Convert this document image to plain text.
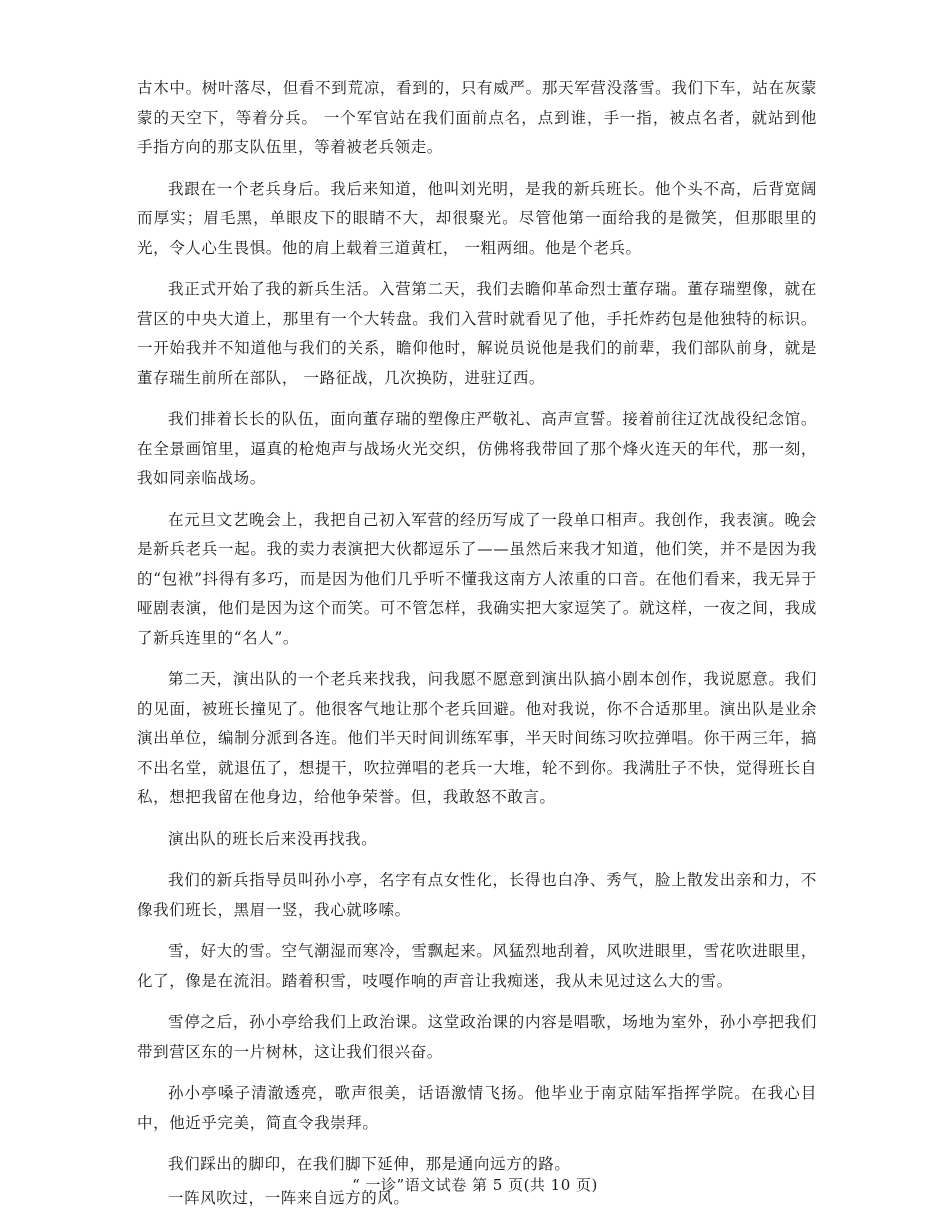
古木中。树叶落尽，但看不到荒凉，看到的，只有威严。那天军营没落雪。我们下车，站在灰蒙蒙的天空下，等着分兵。 一个军官站在我们面前点名，点到谁，手一指，被点名者，就站到他手指方向的那支队伍里，等着被老兵领走。

我跟在一个老兵身后。我后来知道，他叫刘光明，是我的新兵班长。他个头不高，后背宽阔而厚实；眉毛黑，单眼皮下的眼睛不大，却很聚光。尽管他第一面给我的是微笑，但那眼里的光，令人心生畏惧。他的肩上载着三道黄杠， 一粗两细。他是个老兵。

我正式开始了我的新兵生活。入营第二天，我们去瞻仰革命烈士董存瑞。董存瑞塑像，就在营区的中央大道上，那里有一个大转盘。我们入营时就看见了他，手托炸药包是他独特的标识。一开始我并不知道他与我们的关系，瞻仰他时，解说员说他是我们的前辈，我们部队前身，就是董存瑞生前所在部队， 一路征战，几次换防，进驻辽西。

我们排着长长的队伍，面向董存瑞的塑像庄严敬礼、高声宣誓。接着前往辽沈战役纪念馆。在全景画馆里，逼真的枪炮声与战场火光交织，仿佛将我带回了那个烽火连天的年代，那一刻，我如同亲临战场。

在元旦文艺晚会上，我把自己初入军营的经历写成了一段单口相声。我创作，我表演。晚会是新兵老兵一起。我的卖力表演把大伙都逗乐了——虽然后来我才知道，他们笑，并不是因为我的“包袱”抖得有多巧，而是因为他们几乎听不懂我这南方人浓重的口音。在他们看来，我无异于哑剧表演，他们是因为这个而笑。可不管怎样，我确实把大家逗笑了。就这样，一夜之间，我成了新兵连里的“名人”。

第二天，演出队的一个老兵来找我，问我愿不愿意到演出队搞小剧本创作，我说愿意。我们的见面，被班长撞见了。他很客气地让那个老兵回避。他对我说，你不合适那里。演出队是业余演出单位，编制分派到各连。他们半天时间训练军事，半天时间练习吹拉弹唱。你干两三年，搞不出名堂，就退伍了，想提干，吹拉弹唱的老兵一大堆，轮不到你。我满肚子不快，觉得班长自私，想把我留在他身边，给他争荣誉。但，我敢怒不敢言。

演出队的班长后来没再找我。

我们的新兵指导员叫孙小亭，名字有点女性化，长得也白净、秀气，脸上散发出亲和力，不像我们班长，黑眉一竖，我心就哆嗦。

雪，好大的雪。空气潮湿而寒冷，雪飘起来。风猛烈地刮着，风吹进眼里，雪花吹进眼里，化了，像是在流泪。踏着积雪，吱嘎作响的声音让我痴迷，我从未见过这么大的雪。

雪停之后，孙小亭给我们上政治课。这堂政治课的内容是唱歌，场地为室外，孙小亭把我们带到营区东的一片树林，这让我们很兴奋。

孙小亭嗓子清澈透亮，歌声很美，话语激情飞扬。他毕业于南京陆军指挥学院。在我心目中，他近乎完美，简直令我崇拜。

我们踩出的脚印，在我们脚下延伸，那是通向远方的路。

一阵风吹过，一阵来自远方的风。

“ 一诊”语文试卷 第 5 页(共 10 页)
